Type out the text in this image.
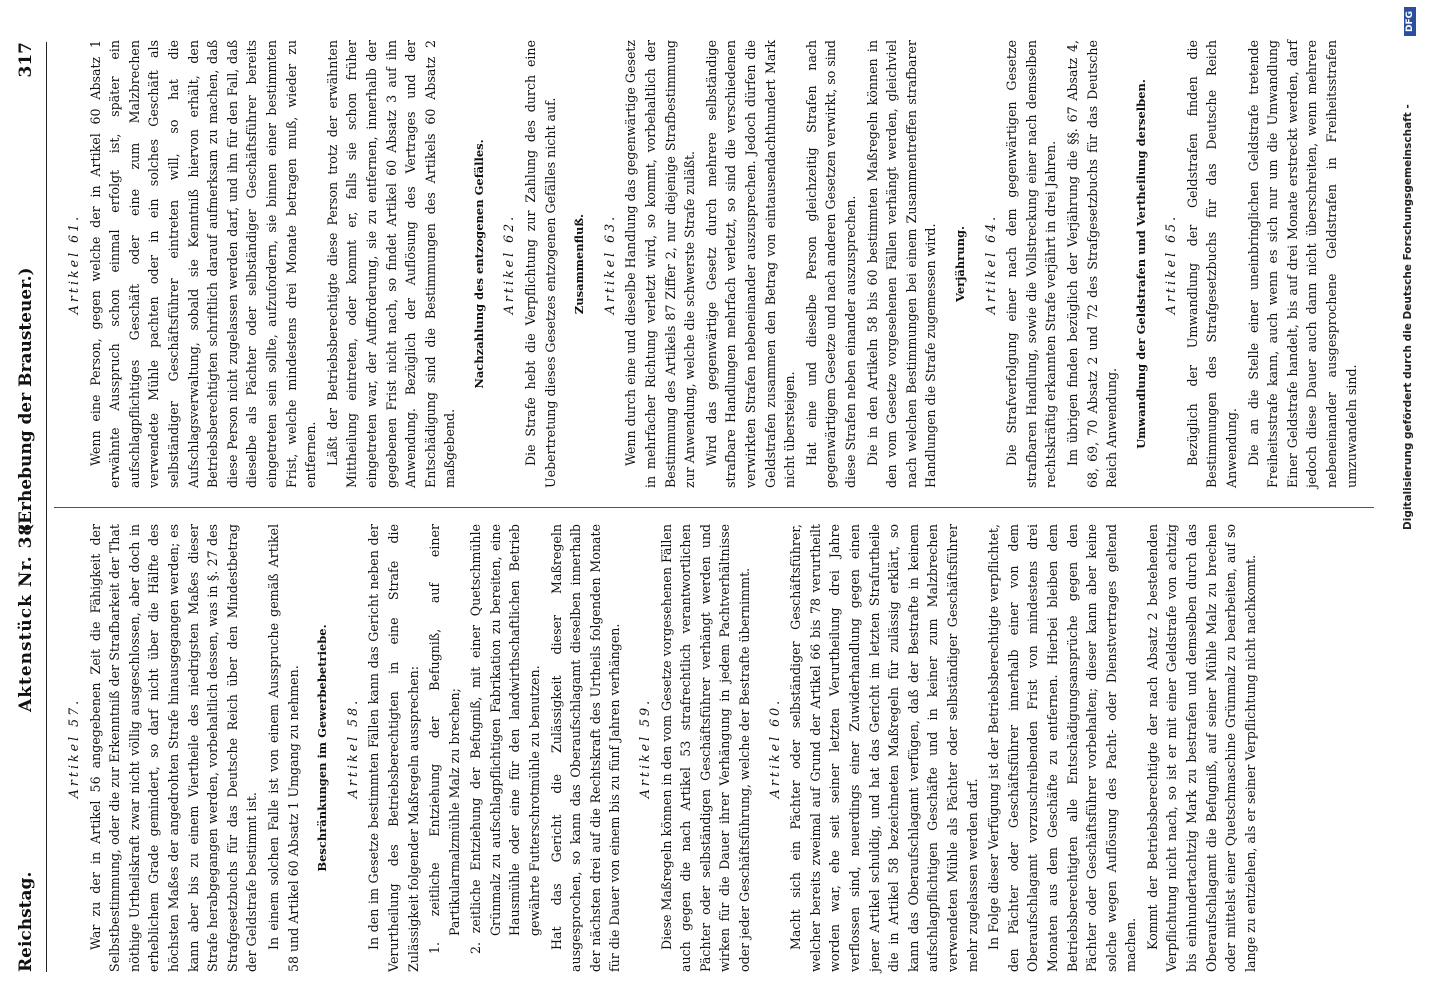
Reichstag.
Aktenstück Nr. 38.
(Erhebung der Brausteuer.)
317
Artikel 57. War zu der in Artikel 56 angegebenen Zeit die Fähigkeit der Selbstbestimmung, oder die zur Erkenntniß der Strafbarkeit der That nöthige Urtheilskraft zwar nicht völlig ausgeschlossen, aber doch in erheblichem Grade gemindert, so darf nicht über die Hälfte des höchsten Maßes der angedrohten Strafe hinausgegangen werden; es kann aber bis zu einem Viertheile des niedrigsten Maßes dieser Strafe herabgegangen werden, vorbehaltlich dessen, was in §. 27 des Strafgesetzbuchs für das Deutsche Reich über den Mindestbetrag der Geldstrafe bestimmt ist. In einem solchen Falle ist von einem Ausspruche gemäß Artikel 58 und Artikel 60 Absatz 1 Umgang zu nehmen. Beschränkungen im Gewerbebetriebe. Artikel 58. In den im Gesetze bestimmten Fällen kann das Gericht neben der Verurtheilung des Betriebsberechtigten in eine Strafe die Zulässigkeit folgender Maßregeln aussprechen: 1. zeitliche Entziehung der Befugniß, auf einer Partikularmalzmühle Malz zu brechen; 2. zeitliche Entziehung der Befugniß, mit einer Quetschmühle Grünmalz zu aufschlagpflichtigen Fabrikation zu bereiten, eine Hausmühle oder eine für den landwirthschaftlichen Betrieb gewährte Futterschrotmühle zu benutzen. Hat das Gericht die Zulässigkeit dieser Maßregeln ausgesprochen, so kann das Oberaufschlagamt dieselben innerhalb der nächsten drei auf die Rechtskraft des Urtheils folgenden Monate für die Dauer von einem bis zu fünf Jahren verhängen. Artikel 59. Diese Maßregeln können in den vom Gesetze vorgesehenen Fällen auch gegen die nach Artikel 53 strafrechtlich verantwortlichen Pächter oder selbständigen Geschäftsführer verhängt werden und wirken für die Dauer ihrer Verhängung in jedem Pachtverhältnisse oder jeder Geschäftsführung, welche der Bestrafte übernimmt. Artikel 60. Macht sich ein Pächter oder selbständiger Geschäftsführer, welcher bereits zweimal auf Grund der Artikel 66 bis 78 verurtheilt worden war, ehe seit seiner letzten Verurtheilung drei Jahre verflossen sind, neuerdings einer Zuwiderhandlung gegen einen jener Artikel schuldig, und hat das Gericht im letzten Strafurtheile die in Artikel 58 bezeichneten Maßregeln für zulässig erklärt, so kann das Oberaufschlagamt verfügen, daß der Bestrafte in keinem aufschlagpflichtigen Geschäfte und in keiner zum Malzbrechen verwendeten Mühle als Pächter oder selbständiger Geschäftsführer mehr zugelassen werden darf. In Folge dieser Verfügung ist der Betriebsberechtigte verpflichtet, den Pächter oder Geschäftsführer innerhalb einer von dem Oberaufschlagamt vorzuschreibenden Frist von mindestens drei Monaten aus dem Geschäfte zu entfernen. Hierbei bleiben dem Betriebsberechtigten alle Entschädigungsansprüche gegen den Pächter oder Geschäftsführer vorbehalten; dieser kann aber keine solche wegen Auflösung des Pacht- oder Dienstvertrages geltend machen. Kommt der Betriebsberechtigte der nach Absatz 2 bestehenden Verpflichtung nicht nach, so ist er mit einer Geldstrafe von achtzig bis einhundertachtzig Mark zu bestrafen und demselben durch das Oberaufschlagamt die Befugniß, auf seiner Mühle Malz zu brechen oder mittelst einer Quetschmaschine Grünmalz zu bearbeiten, auf so lange zu entziehen, als er seiner Verpflichtung nicht nachkommt.

Artikel 61. Wenn eine Person, gegen welche der in Artikel 60 Absatz 1 erwähnte Ausspruch schon einmal erfolgt ist, später ein aufschlagpflichtiges Geschäft oder eine zum Malzbrechen verwendete Mühle pachten oder in ein solches Geschäft als selbständiger Geschäftsführer eintreten will, so hat die Aufschlagsverwaltung, sobald sie Kenntniß hiervon erhält, den Betriebsberechtigten schriftlich darauf aufmerksam zu machen, daß diese Person nicht zugelassen werden darf, und ihn für den Fall, daß dieselbe als Pächter oder selbständiger Geschäftsführer bereits eingetreten sein sollte, aufzufordern, sie binnen einer bestimmten Frist, welche mindestens drei Monate betragen muß, wieder zu entfernen. Läßt der Betriebsberechtigte diese Person trotz der erwähnten Mittheilung eintreten, oder kommt er, falls sie schon früher eingetreten war, der Aufforderung, sie zu entfernen, innerhalb der gegebenen Frist nicht nach, so findet Artikel 60 Absatz 3 auf ihn Anwendung. Bezüglich der Auflösung des Vertrages und der Entschädigung sind die Bestimmungen des Artikels 60 Absatz 2 maßgebend.

Nachzahlung des entzogenen Gefälles. Artikel 62. Die Strafe hebt die Verpflichtung zur Zahlung des durch eine Uebertretung dieses Gesetzes entzogenen Gefälles nicht auf. Zusammenfluß. Artikel 63. Wenn durch eine und dieselbe Handlung das gegenwärtige Gesetz in mehrfacher Richtung verletzt wird, so kommt, vorbehaltlich der Bestimmung des Artikels 87 Ziffer 2, nur diejenige Strafbestimmung zur Anwendung, welche die schwerste Strafe zuläßt. Wird das gegenwärtige Gesetz durch mehrere selbständige strafbare Handlungen mehrfach verletzt, so sind die verschiedenen verwirkten Strafen nebeneinander auszusprechen. Jedoch dürfen die Geldstrafen zusammen den Betrag von eintausendachthundert Mark nicht übersteigen. Hat eine und dieselbe Person gleichzeitig Strafen nach gegenwärtigem Gesetze und nach anderen Gesetzen verwirkt, so sind diese Strafen neben einander auszusprechen. Die in den Artikeln 58 bis 60 bestimmten Maßregeln können in den vom Gesetze vorgesehenen Fällen verhängt werden, gleichviel nach welchen Bestimmungen bei einem Zusammentreffen strafbarer Handlungen die Strafe zugemessen wird. Verjährung. Artikel 64. Die Strafverfolgung einer nach dem gegenwärtigen Gesetze strafbaren Handlung, sowie die Vollstreckung einer nach demselben rechtskräftig erkannten Strafe verjährt in drei Jahren. Im übrigen finden bezüglich der Verjährung die §§. 67 Absatz 4, 68, 69, 70 Absatz 2 und 72 des Strafgesetzbuchs für das Deutsche Reich Anwendung. Umwandlung der Geldstrafen und Vertheilung derselben. Artikel 65. Bezüglich der Umwandlung der Geldstrafen finden die Bestimmungen des Strafgesetzbuchs für das Deutsche Reich Anwendung. Die an die Stelle einer uneinbringlichen Geldstrafe tretende Freiheitsstrafe kann, auch wenn es sich nur um die Umwandlung Einer Geldstrafe handelt, bis auf drei Monate erstreckt werden, darf jedoch diese Dauer auch dann nicht überschreiten, wenn mehrere nebeneinander ausgesprochene Geldstrafen in Freiheitsstrafen umzuwandeln sind.	Digitalisierung gefördert durch die Deutsche Forschungsgemeinschaft -
DFG
